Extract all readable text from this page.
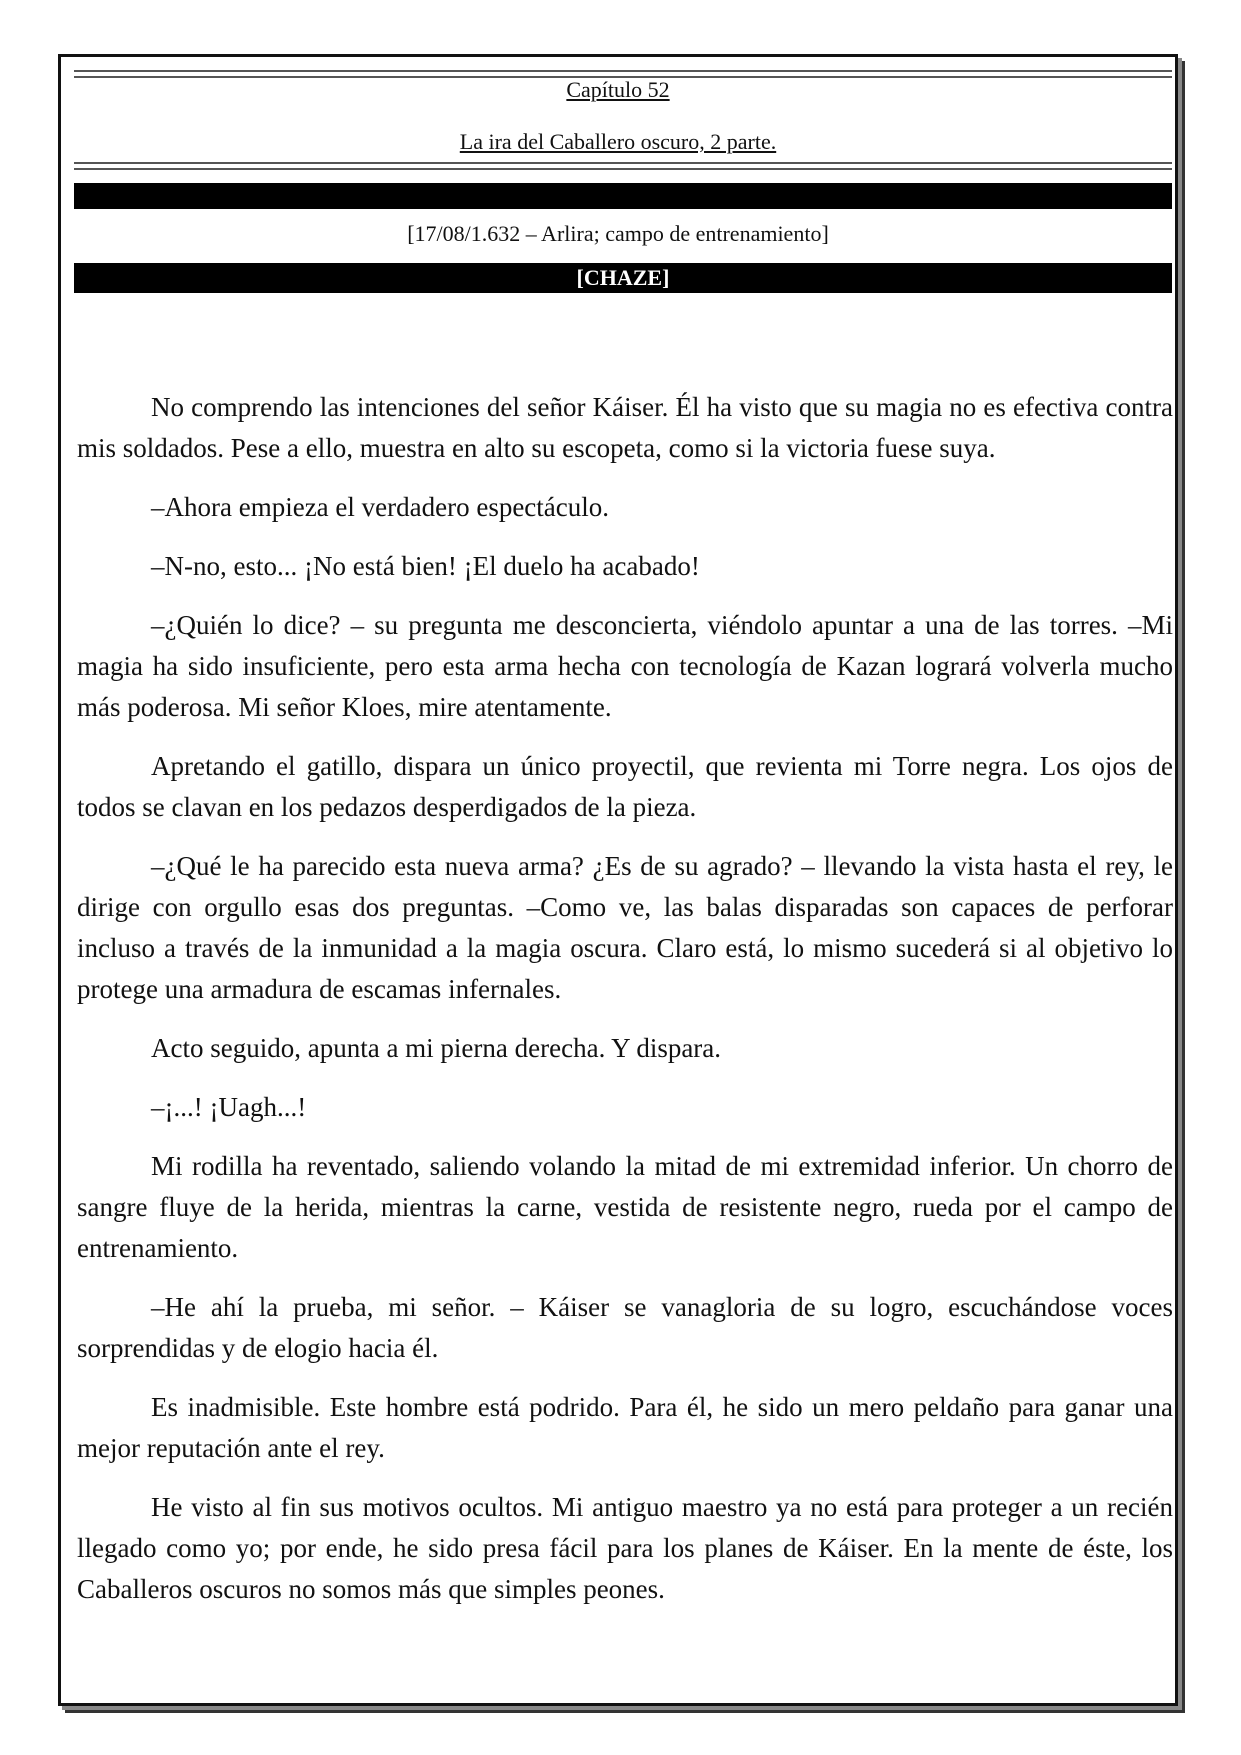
Capítulo 52
La ira del Caballero oscuro, 2 parte.
[17/08/1.632 – Arlira; campo de entrenamiento]
[CHAZE]

No comprendo las intenciones del señor Káiser. Él ha visto que su magia no es efectiva contra mis soldados. Pese a ello, muestra en alto su escopeta, como si la victoria fuese suya.

–Ahora empieza el verdadero espectáculo.

–N-no, esto... ¡No está bien! ¡El duelo ha acabado!

–¿Quién lo dice? – su pregunta me desconcierta, viéndolo apuntar a una de las torres. –Mi magia ha sido insuficiente, pero esta arma hecha con tecnología de Kazan logrará volverla mucho más poderosa. Mi señor Kloes, mire atentamente.

Apretando el gatillo, dispara un único proyectil, que revienta mi Torre negra. Los ojos de todos se clavan en los pedazos desperdigados de la pieza.

–¿Qué le ha parecido esta nueva arma? ¿Es de su agrado? – llevando la vista hasta el rey, le dirige con orgullo esas dos preguntas. –Como ve, las balas disparadas son capaces de perforar incluso a través de la inmunidad a la magia oscura. Claro está, lo mismo sucederá si al objetivo lo protege una armadura de escamas infernales.

Acto seguido, apunta a mi pierna derecha. Y dispara.

–¡...! ¡Uagh...!

Mi rodilla ha reventado, saliendo volando la mitad de mi extremidad inferior. Un chorro de sangre fluye de la herida, mientras la carne, vestida de resistente negro, rueda por el campo de entrenamiento.

–He ahí la prueba, mi señor. – Káiser se vanagloria de su logro, escuchándose voces sorprendidas y de elogio hacia él.

Es inadmisible. Este hombre está podrido. Para él, he sido un mero peldaño para ganar una mejor reputación ante el rey.

He visto al fin sus motivos ocultos. Mi antiguo maestro ya no está para proteger a un recién llegado como yo; por ende, he sido presa fácil para los planes de Káiser. En la mente de éste, los Caballeros oscuros no somos más que simples peones.
